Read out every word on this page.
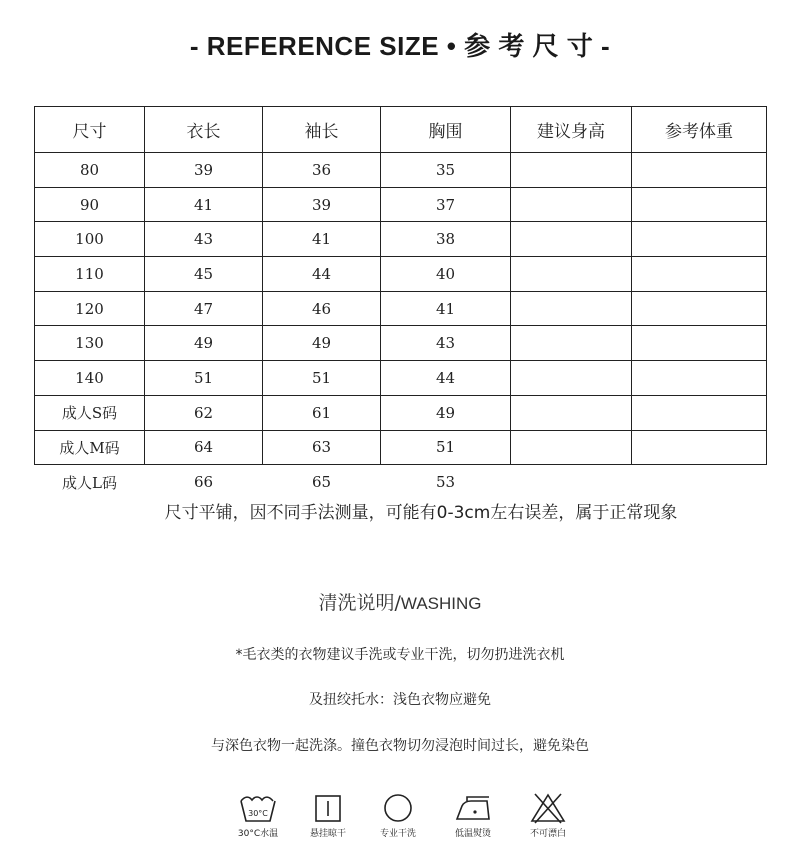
- REFERENCE SIZE • 参 考 尺 寸 -
尺寸	衣长	袖长	胸围	建议身高	参考体重
80	39	36	35		
90	41	39	37		
100	43	41	38		
110	45	44	40		
120	47	46	41		
130	49	49	43		
140	51	51	44		
成人S码	62	61	49		
成人M码	64	63	51		
成人L码	66	65	53		
尺寸平铺，因不同手法测量，可能有0-3cm左右误差，属于正常现象
清洗说明/WASHING
*毛衣类的衣物建议手洗或专业干洗，切勿扔进洗衣机
及扭绞托水：浅色衣物应避免
与深色衣物一起洗涤。撞色衣物切勿浸泡时间过长，避免染色
30°C
30°C水温	悬挂晾干	专业干洗	低温熨烫	不可漂白
